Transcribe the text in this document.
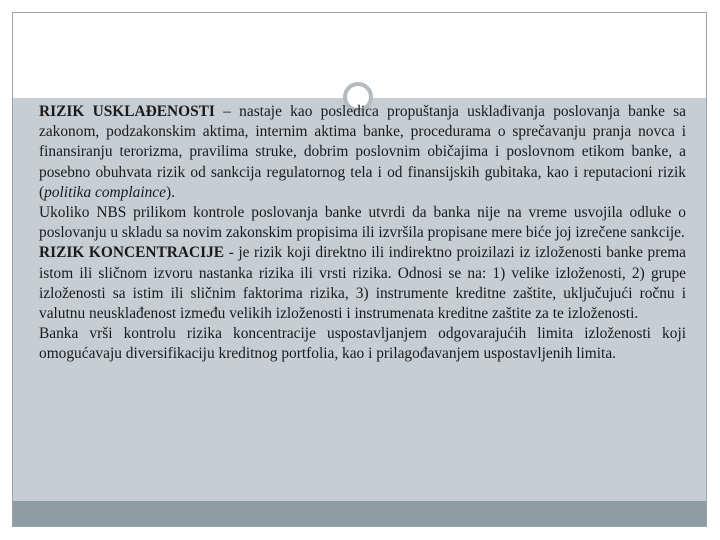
RIZIK USKLAĐENOSTI – nastaje kao posledica propuštanja usklađivanja poslovanja banke sa zakonom, podzakonskim aktima, internim aktima banke, procedurama o sprečavanju pranja novca i finansiranju terorizma, pravilima struke, dobrim poslovnim običajima i poslovnom etikom banke, a posebno obuhvata rizik od sankcija regulatornog tela i od finansijskih gubitaka, kao i reputacioni rizik (politika complaince).

Ukoliko NBS prilikom kontrole poslovanja banke utvrdi da banka nije na vreme usvojila odluke o poslovanju u skladu sa novim zakonskim propisima ili izvršila propisane mere biće joj izrečene sankcije.

RIZIK KONCENTRACIJE - je rizik koji direktno ili indirektno proizilazi iz izloženosti banke prema istom ili sličnom izvoru nastanka rizika ili vrsti rizika. Odnosi se na: 1) velike izloženosti, 2) grupe izloženosti sa istim ili sličnim faktorima rizika, 3) instrumente kreditne zaštite, uključujući ročnu i valutnu neusklađenost između velikih izloženosti i instrumenata kreditne zaštite za te izloženosti.

Banka vrši kontrolu rizika koncentracije uspostavljanjem odgovarajućih limita izloženosti koji omogućavaju diversifikaciju kreditnog portfolia, kao i prilagođavanjem uspostavljenih limita.
